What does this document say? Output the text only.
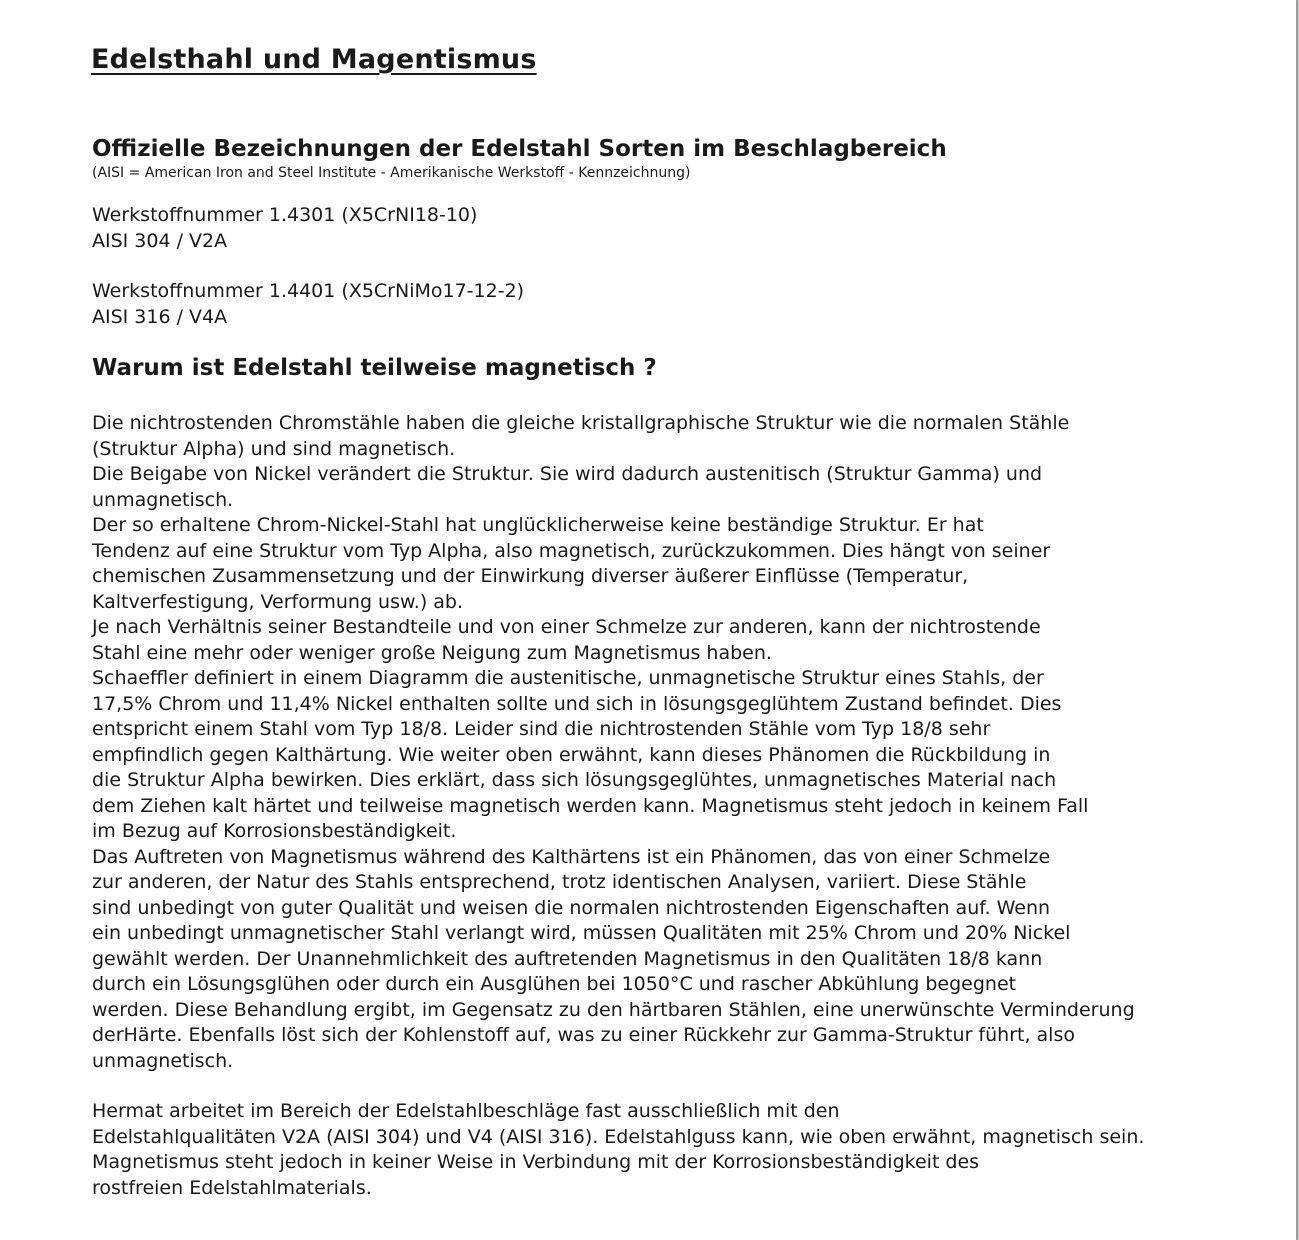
Edelsthahl und Magentismus
Offizielle Bezeichnungen der Edelstahl Sorten im Beschlagbereich

(AISI = American Iron and Steel Institute - Amerikanische Werkstoff - Kennzeichnung)

Werkstoffnummer 1.4301 (X5CrNI18-10)
AISI 304 / V2A

Werkstoffnummer 1.4401 (X5CrNiMo17-12-2)
AISI 316 / V4A

Warum ist Edelstahl teilweise magnetisch ?
Die nichtrostenden Chromstähle haben die gleiche kristallgraphische Struktur wie die normalen Stähle
(Struktur Alpha) und sind magnetisch.
Die Beigabe von Nickel verändert die Struktur. Sie wird dadurch austenitisch (Struktur Gamma) und
unmagnetisch.
Der so erhaltene Chrom-Nickel-Stahl hat unglücklicherweise keine beständige Struktur. Er hat
Tendenz auf eine Struktur vom Typ Alpha, also magnetisch, zurückzukommen. Dies hängt von seiner
chemischen Zusammensetzung und der Einwirkung diverser äußerer Einflüsse (Temperatur,
Kaltverfestigung, Verformung usw.) ab.
Je nach Verhältnis seiner Bestandteile und von einer Schmelze zur anderen, kann der nichtrostende
Stahl eine mehr oder weniger große Neigung zum Magnetismus haben.
Schaeffler definiert in einem Diagramm die austenitische, unmagnetische Struktur eines Stahls, der
17,5% Chrom und 11,4% Nickel enthalten sollte und sich in lösungsgeglühtem Zustand befindet. Dies
entspricht einem Stahl vom Typ 18/8. Leider sind die nichtrostenden Stähle vom Typ 18/8 sehr
empfindlich gegen Kalthärtung. Wie weiter oben erwähnt, kann dieses Phänomen die Rückbildung in
die Struktur Alpha bewirken. Dies erklärt, dass sich lösungsgeglühtes, unmagnetisches Material nach
dem Ziehen kalt härtet und teilweise magnetisch werden kann. Magnetismus steht jedoch in keinem Fall
im Bezug auf Korrosionsbeständigkeit.
Das Auftreten von Magnetismus während des Kalthärtens ist ein Phänomen, das von einer Schmelze
zur anderen, der Natur des Stahls entsprechend, trotz identischen Analysen, variiert. Diese Stähle
sind unbedingt von guter Qualität und weisen die normalen nichtrostenden Eigenschaften auf. Wenn
ein unbedingt unmagnetischer Stahl verlangt wird, müssen Qualitäten mit 25% Chrom und 20% Nickel
gewählt werden. Der Unannehmlichkeit des auftretenden Magnetismus in den Qualitäten 18/8 kann
durch ein Lösungsglühen oder durch ein Ausglühen bei 1050°C und rascher Abkühlung begegnet
werden. Diese Behandlung ergibt, im Gegensatz zu den härtbaren Stählen, eine unerwünschte Verminderung
derHärte. Ebenfalls löst sich der Kohlenstoff auf, was zu einer Rückkehr zur Gamma-Struktur führt, also
unmagnetisch.
Hermat arbeitet im Bereich der Edelstahlbeschläge fast ausschließlich mit den
Edelstahlqualitäten V2A (AISI 304) und V4 (AISI 316). Edelstahlguss kann, wie oben erwähnt, magnetisch sein.
Magnetismus steht jedoch in keiner Weise in Verbindung mit der Korrosionsbeständigkeit des
rostfreien Edelstahlmaterials.
